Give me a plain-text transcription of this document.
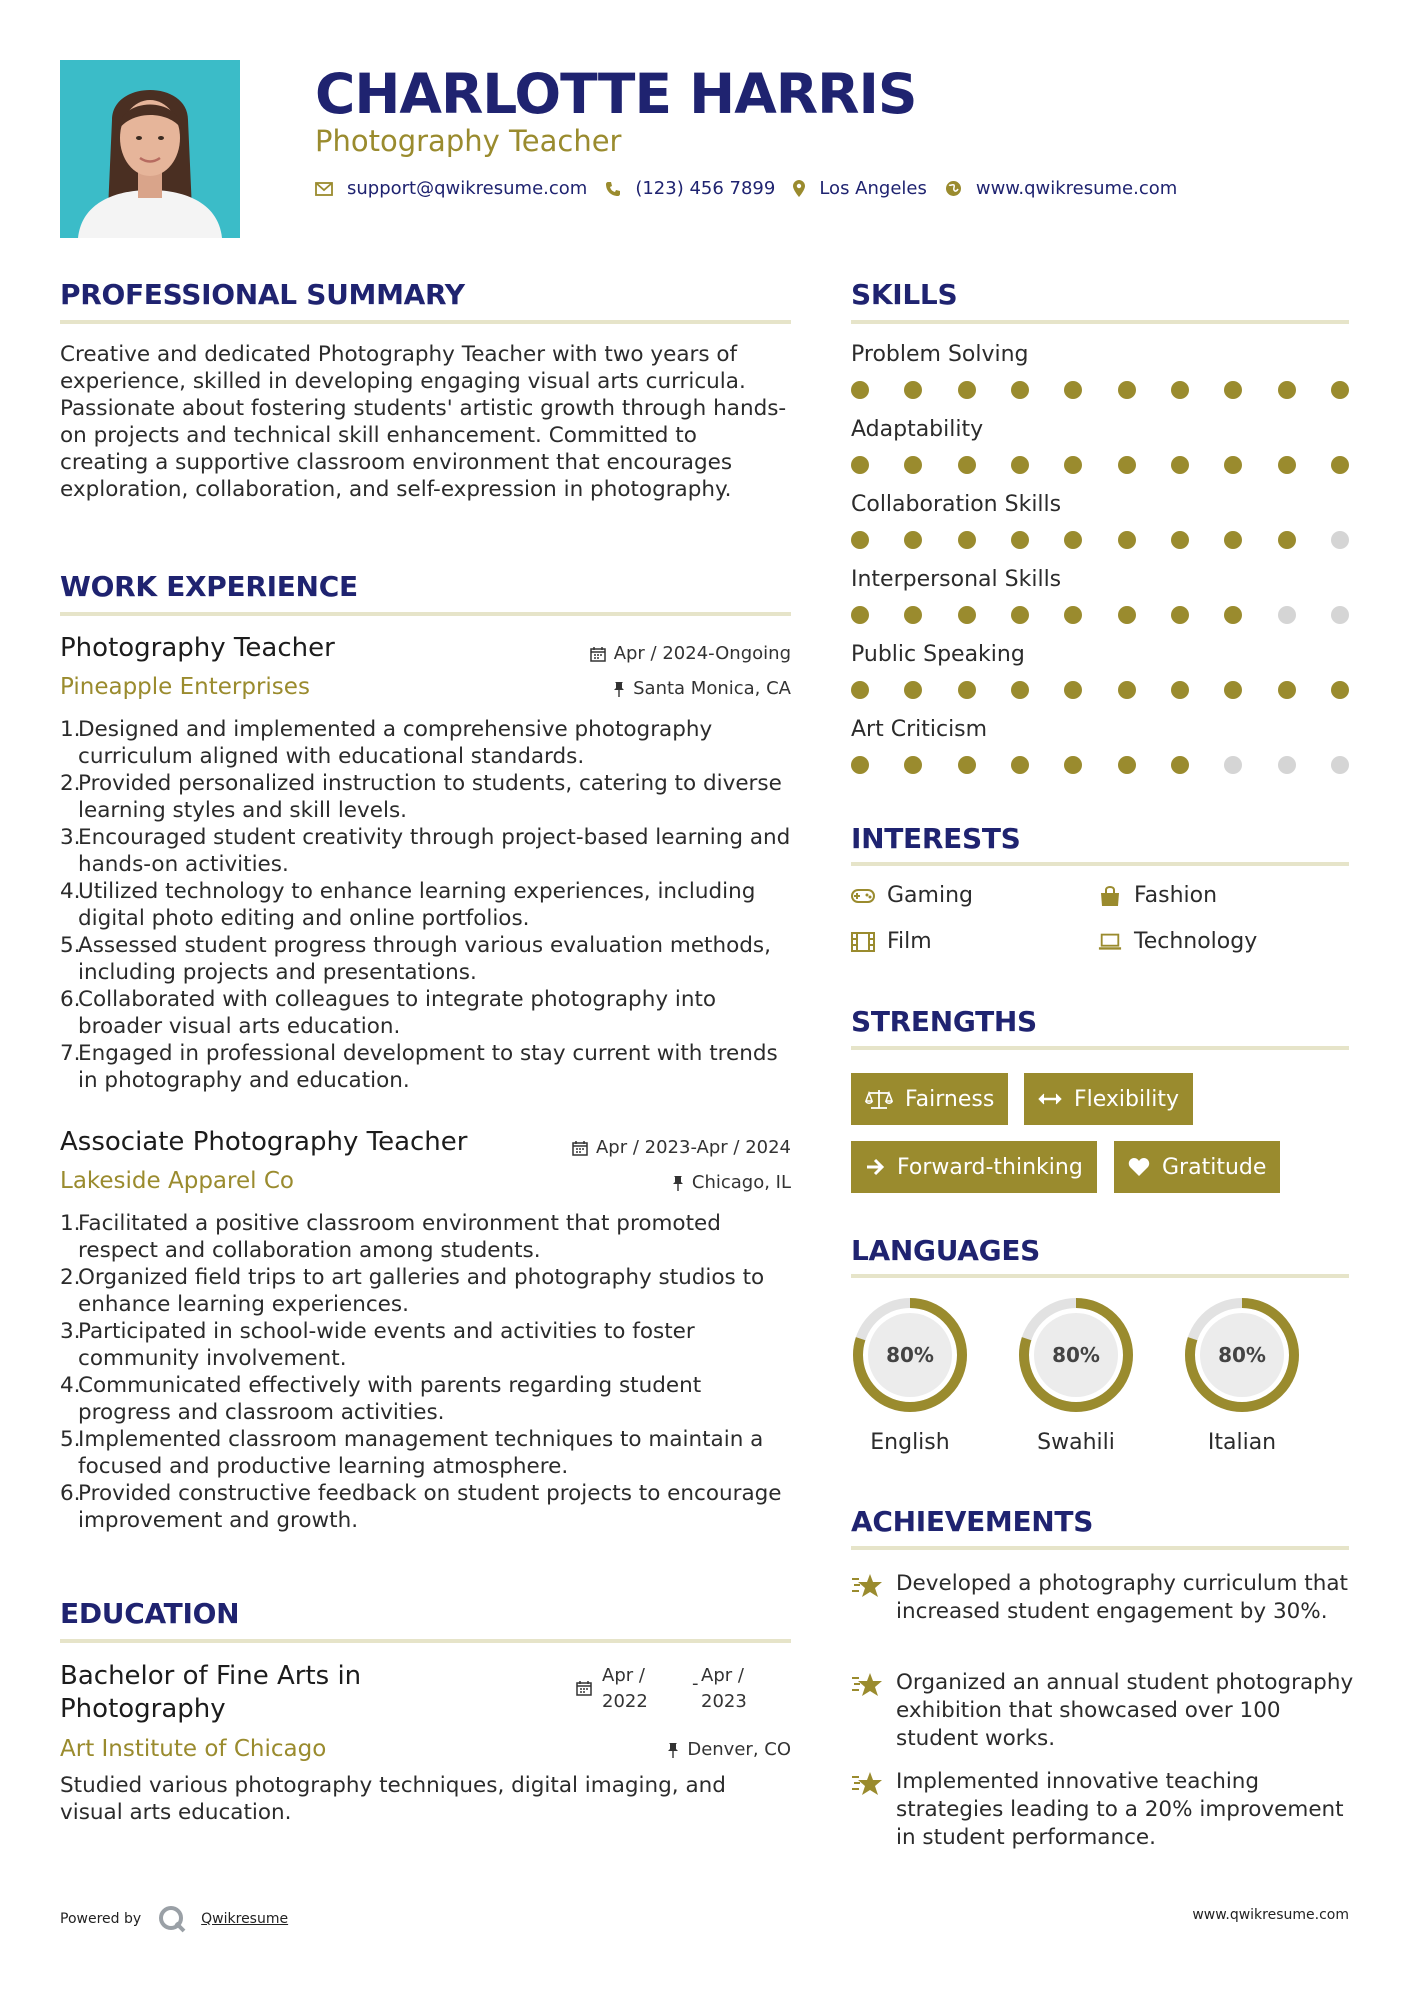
CHARLOTTE HARRIS
Photography Teacher
support@qwikresume.com	(123) 456 7899 Los Angeles	www.qwikresume.com
PROFESSIONAL SUMMARY
Creative and dedicated Photography Teacher with two years of experience, skilled in developing engaging visual arts curricula. Passionate about fostering students' artistic growth through hands-on projects and technical skill enhancement. Committed to creating a supportive classroom environment that encourages exploration, collaboration, and self-expression in photography.
WORK EXPERIENCE
Photography Teacher	Apr / 2024-Ongoing
Pineapple Enterprises	Santa Monica, CA
1.
Designed and implemented a comprehensive photography curriculum aligned with educational standards.
2.
Provided personalized instruction to students, catering to diverse learning styles and skill levels.
3.
Encouraged student creativity through project-based learning and hands-on activities.
4.
Utilized technology to enhance learning experiences, including digital photo editing and online portfolios.
5.
Assessed student progress through various evaluation methods, including projects and presentations.
6.
Collaborated with colleagues to integrate photography into broader visual arts education.
7.
Engaged in professional development to stay current with trends in photography and education.
Associate Photography Teacher	Apr / 2023-Apr / 2024
Lakeside Apparel Co	Chicago, IL
1.
Facilitated a positive classroom environment that promoted respect and collaboration among students.
2.
Organized field trips to art galleries and photography studios to enhance learning experiences.
3.
Participated in school-wide events and activities to foster community involvement.
4.
Communicated effectively with parents regarding student progress and classroom activities.
5.
Implemented classroom management techniques to maintain a focused and productive learning atmosphere.
6.
Provided constructive feedback on student projects to encourage improvement and growth.
EDUCATION
Bachelor of Fine Arts in
Photography
Apr /
2022
- Apr /
2023
Art Institute of Chicago	Denver, CO
Studied various photography techniques, digital imaging, and visual arts education.
SKILLS
Problem Solving
Adaptability
Collaboration Skills
Interpersonal Skills
Public Speaking
Art Criticism
INTERESTS
Gaming	Fashion
Film	Technology
STRENGTHS
Fairness	Flexibility
Forward-thinking	Gratitude
LANGUAGES
80%
English
80%
Swahili
80%
Italian
ACHIEVEMENTS
Developed a photography curriculum that increased student engagement by 30%.
Organized an annual student photography exhibition that showcased over 100 student works.
Implemented innovative teaching strategies leading to a 20% improvement in student performance.
Powered by	Qwikresume	www.qwikresume.com
